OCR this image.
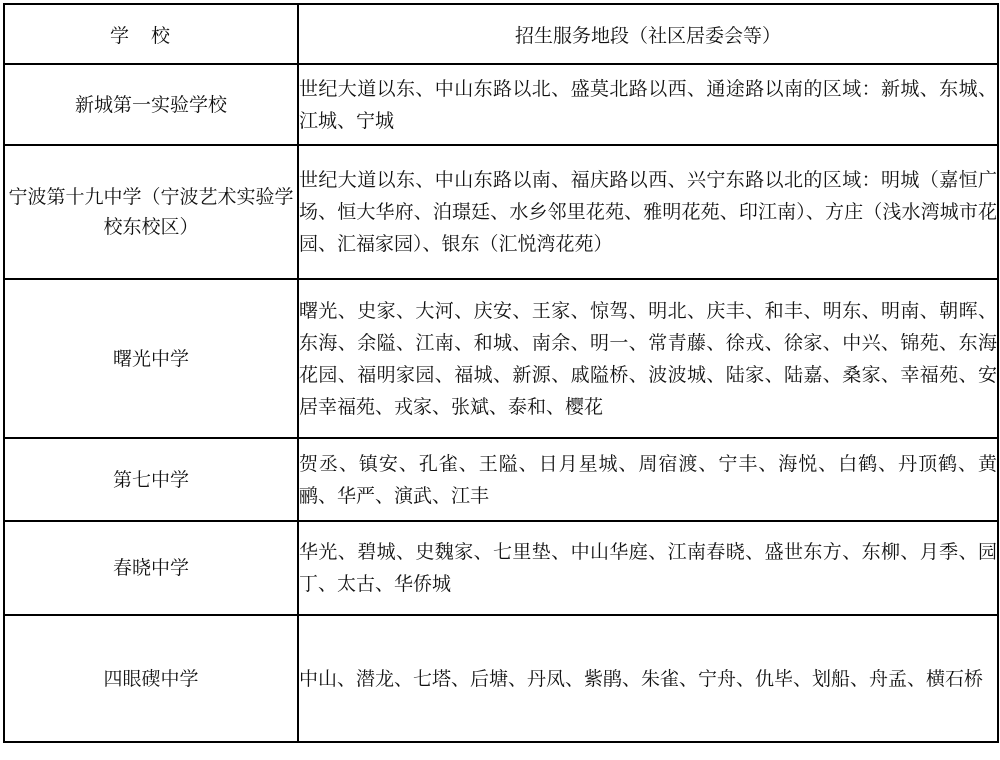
学校	招生服务地段（社区居委会等）
新城第一实验学校	世纪大道以东、中山东路以北、盛莫北路以西、通途路以南的区域：新城、东城、江城、宁城
宁波第十九中学（宁波艺术实验学校东校区）	世纪大道以东、中山东路以南、福庆路以西、兴宁东路以北的区域：明城（嘉恒广场、恒大华府、泊璟廷、水乡邻里花苑、雅明花苑、印江南）、方庄（浅水湾城市花园、汇福家园）、银东（汇悦湾花苑）
曙光中学	曙光、史家、大河、庆安、王家、惊驾、明北、庆丰、和丰、明东、明南、朝晖、东海、余隘、江南、和城、南余、明一、常青藤、徐戎、徐家、中兴、锦苑、东海花园、福明家园、福城、新源、戚隘桥、波波城、陆家、陆嘉、桑家、幸福苑、安居幸福苑、戎家、张斌、泰和、樱花
第七中学	贺丞、镇安、孔雀、王隘、日月星城、周宿渡、宁丰、海悦、白鹤、丹顶鹤、黄鹂、华严、演武、江丰
春晓中学	华光、碧城、史魏家、七里垫、中山华庭、江南春晓、盛世东方、东柳、月季、园丁、太古、华侨城
四眼碶中学	中山、潜龙、七塔、后塘、丹凤、紫鹃、朱雀、宁舟、仇毕、划船、舟孟、横石桥
